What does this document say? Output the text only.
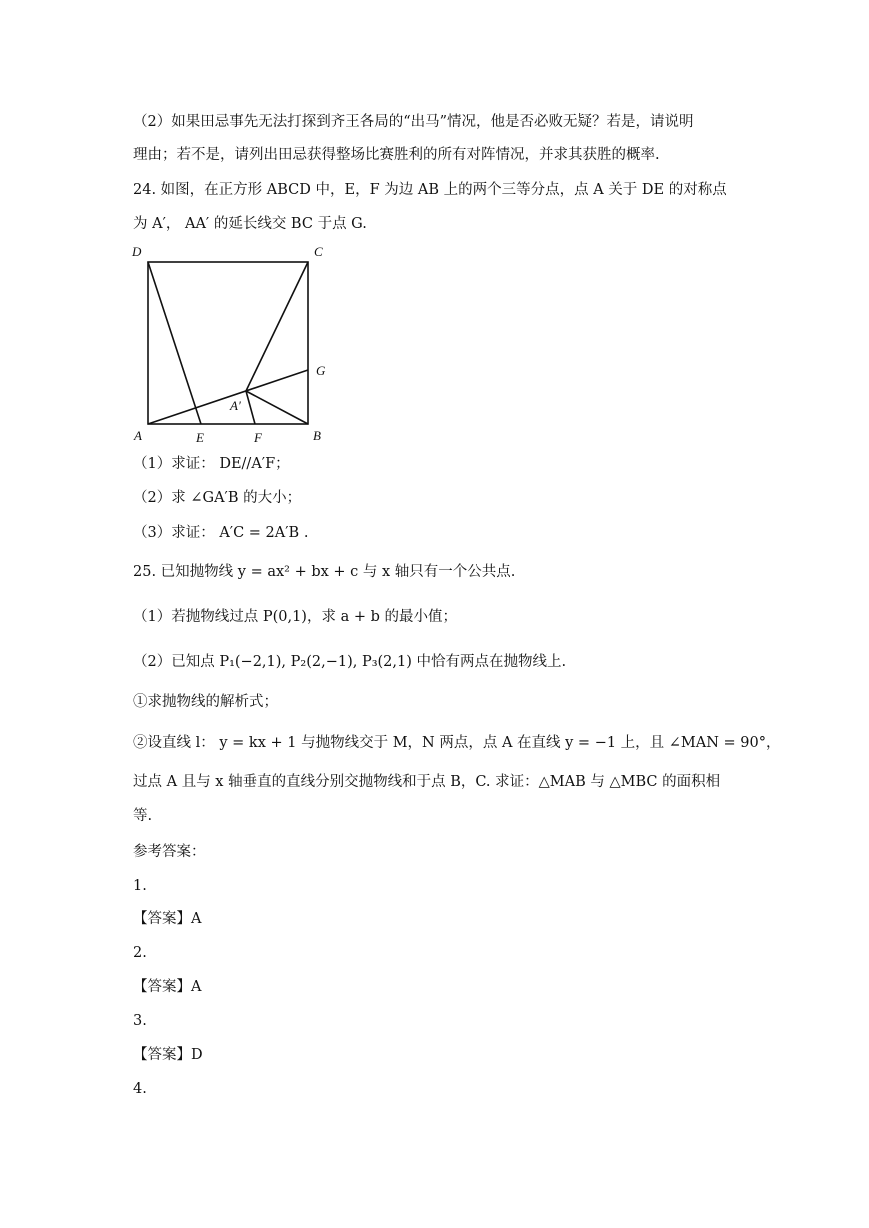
（2）如果田忌事先无法打探到齐王各局的“出马”情况，他是否必败无疑？若是，请说明
理由；若不是，请列出田忌获得整场比赛胜利的所有对阵情况，并求其获胜的概率.
24. 如图，在正方形 ABCD 中，E，F 为边 AB 上的两个三等分点，点 A 关于 DE 的对称点
为 A′， AA′ 的延长线交 BC 于点 G.
D	C
G
A′
A	E	F	B
（1）求证： DE//A′F；
（2）求 ∠GA′B 的大小；
（3）求证： A′C = 2A′B .
25. 已知抛物线 y = ax² + bx + c 与 x 轴只有一个公共点.
（1）若抛物线过点 P(0,1)，求 a + b 的最小值；
（2）已知点 P₁(−2,1), P₂(2,−1), P₃(2,1) 中恰有两点在抛物线上.
①求抛物线的解析式；
②设直线 l： y = kx + 1 与抛物线交于 M，N 两点，点 A 在直线 y = −1 上，且 ∠MAN = 90°，
过点 A 且与 x 轴垂直的直线分别交抛物线和于点 B，C. 求证：△MAB 与 △MBC 的面积相
等.
参考答案：
1.
【答案】A
2.
【答案】A
3.
【答案】D
4.
